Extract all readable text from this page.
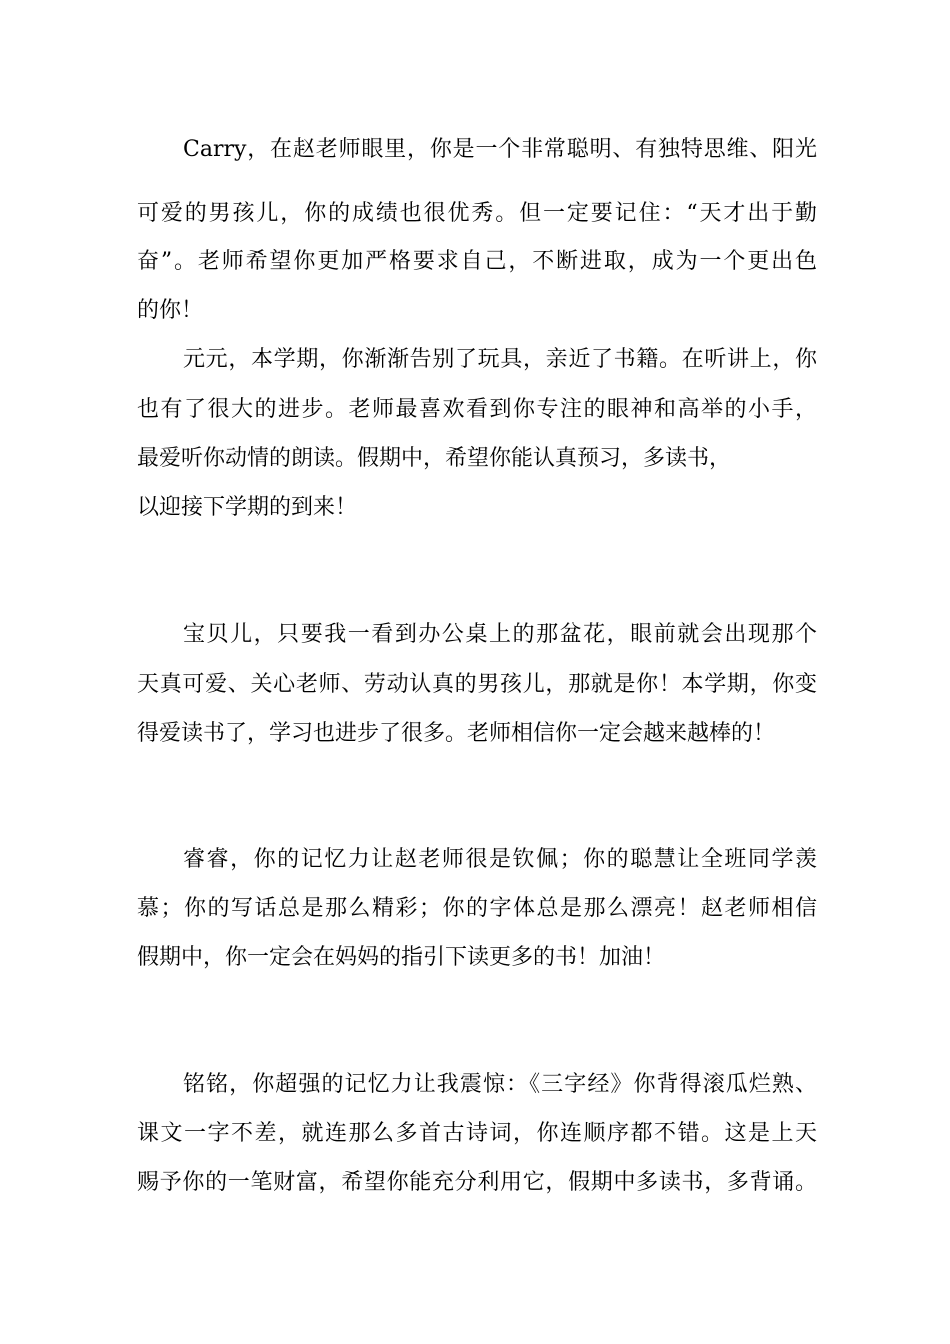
Carry，在赵老师眼里，你是一个非常聪明、有独特思维、阳光
可爱的男孩儿，你的成绩也很优秀。但一定要记住：“天才出于勤
奋”。老师希望你更加严格要求自己，不断进取，成为一个更出色
的你！
元元，本学期，你渐渐告别了玩具，亲近了书籍。在听讲上，你
也有了很大的进步。老师最喜欢看到你专注的眼神和高举的小手，
最爱听你动情的朗读。假期中，希望你能认真预习，多读书，
以迎接下学期的到来！
宝贝儿，只要我一看到办公桌上的那盆花，眼前就会出现那个
天真可爱、关心老师、劳动认真的男孩儿，那就是你！本学期，你变
得爱读书了，学习也进步了很多。老师相信你一定会越来越棒的！
睿睿，你的记忆力让赵老师很是钦佩；你的聪慧让全班同学羡
慕；你的写话总是那么精彩；你的字体总是那么漂亮！赵老师相信
假期中，你一定会在妈妈的指引下读更多的书！加油！
铭铭，你超强的记忆力让我震惊：《三字经》你背得滚瓜烂熟、
课文一字不差，就连那么多首古诗词，你连顺序都不错。这是上天
赐予你的一笔财富，希望你能充分利用它，假期中多读书，多背诵。
